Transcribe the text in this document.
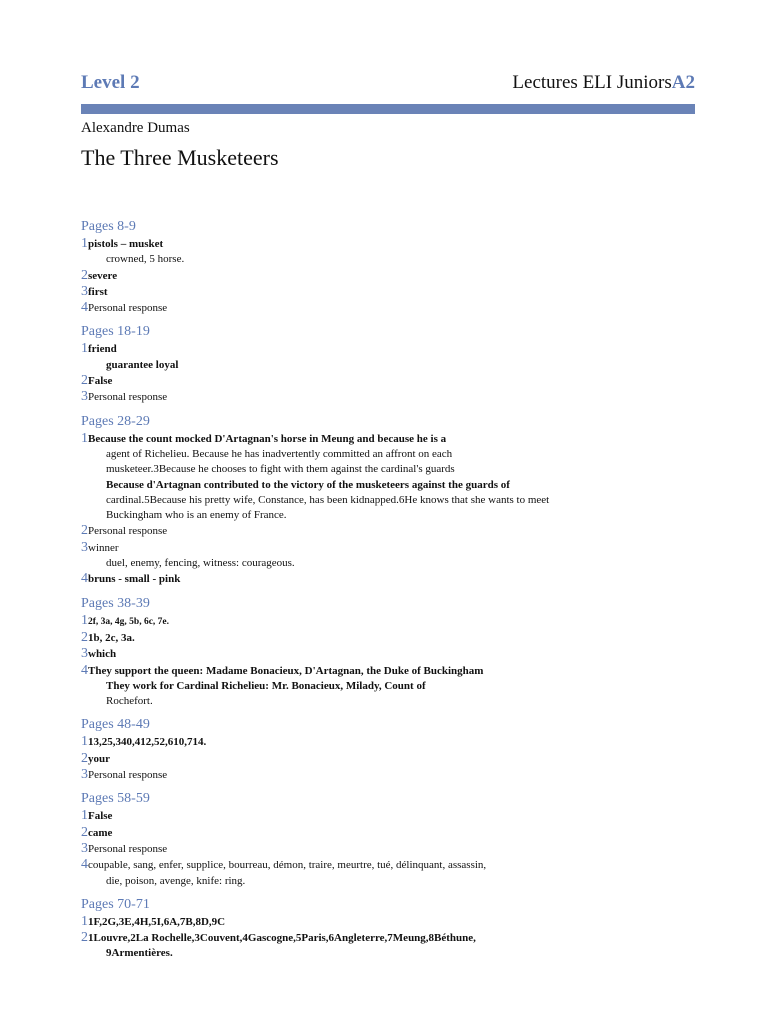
Level 2	Lectures ELI JuniorsA2
Alexandre Dumas
The Three Musketeers
Pages 8-9
1pistols – musket
crowned, 5 horse.
2severe
3first
4Personal response
Pages 18-19
1friend
guarantee loyal
2False
3Personal response
Pages 28-29
1Because the count mocked D'Artagnan's horse in Meung and because he is a
agent of Richelieu. Because he has inadvertently committed an affront on each
musketeer.3Because he chooses to fight with them against the cardinal's guards
Because d'Artagnan contributed to the victory of the musketeers against the guards of
cardinal.5Because his pretty wife, Constance, has been kidnapped.6He knows that she wants to meet
Buckingham who is an enemy of France.
2Personal response
3winner
duel, enemy, fencing, witness: courageous.
4bruns - small - pink
Pages 38-39
12f, 3a, 4g, 5b, 6c, 7e.
21b, 2c, 3a.
3which
4They support the queen: Madame Bonacieux, D'Artagnan, the Duke of Buckingham
They work for Cardinal Richelieu: Mr. Bonacieux, Milady, Count of
Rochefort.
Pages 48-49
113,25,340,412,52,610,714.
2your
3Personal response
Pages 58-59
1False
2came
3Personal response
4coupable, sang, enfer, supplice, bourreau, démon, traire, meurtre, tué, délinquant, assassin,
die, poison, avenge, knife: ring.
Pages 70-71
11F,2G,3E,4H,5I,6A,7B,8D,9C
21Louvre,2La Rochelle,3Couvent,4Gascogne,5Paris,6Angleterre,7Meung,8Béthune,
9Armentières.
